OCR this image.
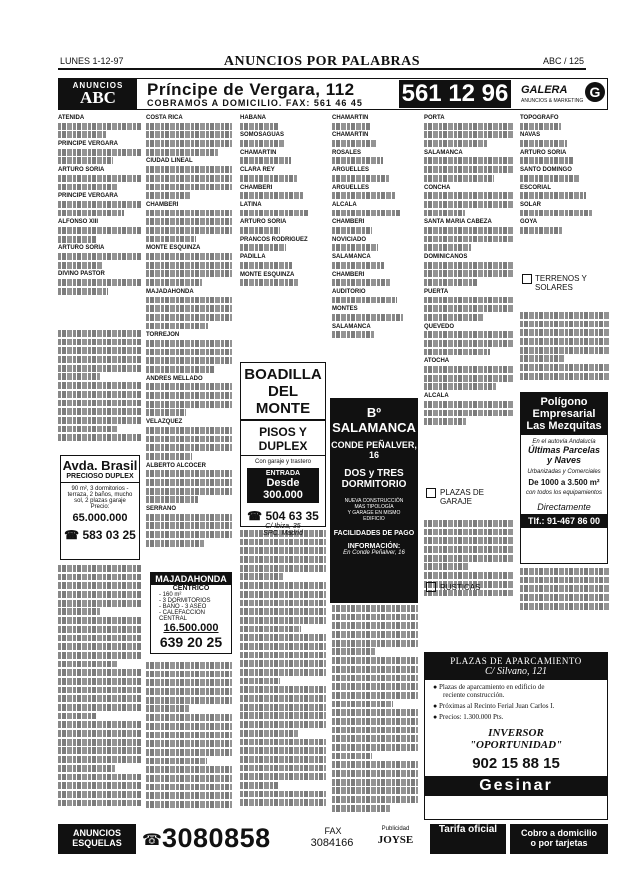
LUNES 1-12-97	ANUNCIOS POR PALABRAS	ABC / 125
ANUNCIOS
ABC	Príncipe de Vergara, 112
COBRAMOS A DOMICILIO. FAX: 561 46 45 561 12 96 GALERA
ANUNCIOS & MARKETING
G
ATENIDA
PRINCIPE VERGARA
ARTURO SORIA
PRINCIPE VERGARA
ALFONSO XIII
ARTURO SORIA
DIVINO PASTOR
COSTA RICA
CIUDAD LINEAL
CHAMBERI
MONTE ESQUINZA
MAJADAHONDA
TORREJON
ANDRES MELLADO
VELAZQUEZ
ALBERTO ALCOCER
SERRANO
HABANA
SOMOSAGUAS
CHAMARTIN
CLARA REY
CHAMBERI
LATINA
ARTURO SORIA
PRANCOS RODRIGUEZ
PADILLA
MONTE ESQUINZA
CHAMARTIN
CHAMARTIN
ROSALES
ARGUELLES
ARGUELLES
ALCALA
CHAMBERI
NOVICIADO
SALAMANCA
CHAMBERI
AUDITORIO
MONTES
SALAMANCA
PORTA
SALAMANCA
CONCHA
SANTA MARIA CABEZA
DOMINICANOS
PUERTA
QUEVEDO
ATOCHA
ALCALA
TOPOGRAFO
NAVAS
ARTURO SORIA
SANTO DOMINGO
ESCORIAL
SOLAR
GOYA
Avda. Brasil
PRECIOSO DUPLEX
90 m², 3 dormitorios -
terraza, 2 baños, mucho
sol, 2 plazas garaje
Precio:
65.000.000
☎ 583 03 25
MAJADAHONDA
CENTRICO
- 160 m²
- 3 DORMITORIOS
- BAÑO - 3 ASEO
- CALEFACCION CENTRAL
16.500.000
639 20 25
BOADILLA
DEL MONTE
PISOS Y DUPLEX
Con garaje y trastero
ENTRADA
Desde 300.000
☎ 504 63 35
C/ Ibiza, 35
SPC. Madrid
Bº SALAMANCA
CONDE PEÑALVER, 16
DOS y TRES
DORMITORIO
NUEVA CONSTRUCCIÓN
MAS TIPOLOGÍA
Y GARAGE EN MISMO
EDIFICIO
FACILIDADES DE PAGO
INFORMACIÓN:
En Conde Peñalver, 16
TERRENOS Y SOLARES
PLAZAS DE GARAJE
RUSTICAS
Polígono
Empresarial
Las Mezquitas
En el autovía Andalucía
Últimas Parcelas
y Naves
Urbanizadas y Comerciales
De 1000 a 3.500 m²
con todos los equipamientos
Directamente
Tlf.: 91-467 86 00
PLAZAS DE APARCAMIENTO
C/ Silvano, 121
● Plazas de aparcamiento en edificio de
reciente construcción.
● Próximas al Recinto Ferial Juan Carlos I.
● Precios: 1.300.000 Pts.
INVERSOR
"OPORTUNIDAD"
902 15 88 15
Gesinar
ANUNCIOS
ESQUELAS	☎ 3080858	FAX
3084166
Publicidad
JOYSE
Tarifa oficial	Cobro a domicilio
o por tarjetas
